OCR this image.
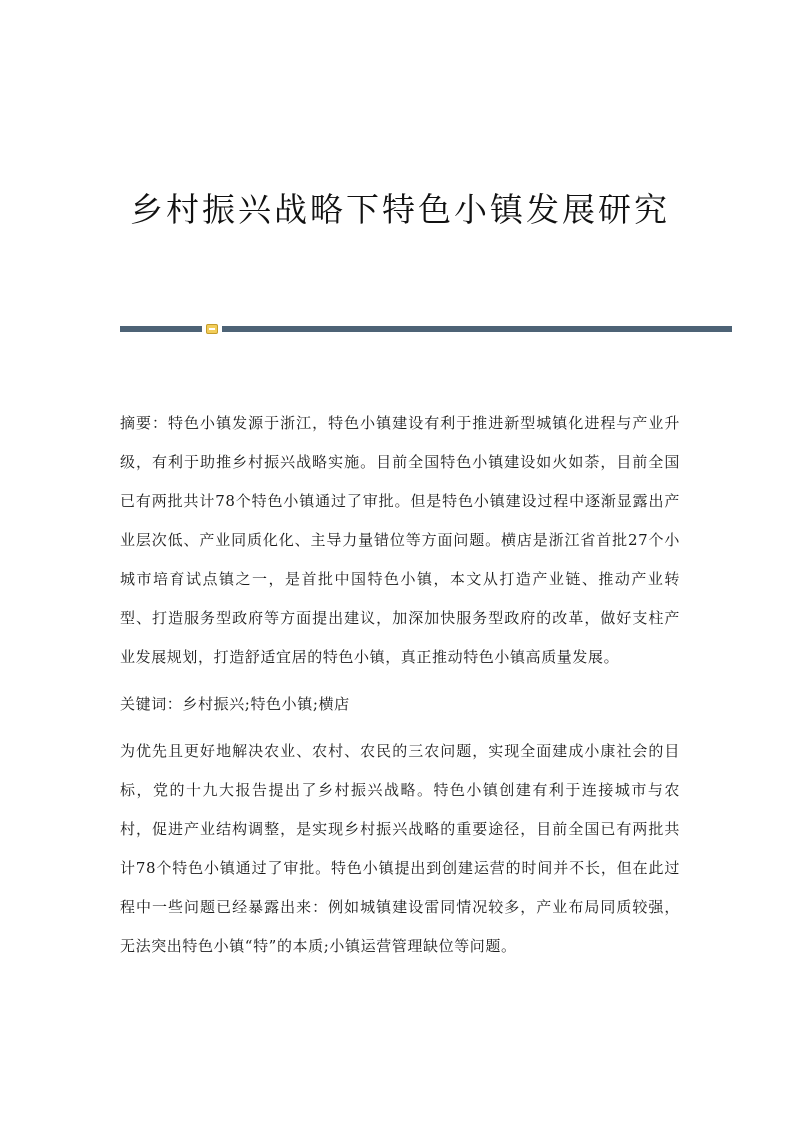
乡村振兴战略下特色小镇发展研究

摘要：特色小镇发源于浙江，特色小镇建设有利于推进新型城镇化进程与产业升级，有利于助推乡村振兴战略实施。目前全国特色小镇建设如火如荼，目前全国已有两批共计78个特色小镇通过了审批。但是特色小镇建设过程中逐渐显露出产业层次低、产业同质化化、主导力量错位等方面问题。横店是浙江省首批27个小城市培育试点镇之一，是首批中国特色小镇，本文从打造产业链、推动产业转型、打造服务型政府等方面提出建议，加深加快服务型政府的改革，做好支柱产业发展规划，打造舒适宜居的特色小镇，真正推动特色小镇高质量发展。

关键词：乡村振兴;特色小镇;横店

为优先且更好地解决农业、农村、农民的三农问题，实现全面建成小康社会的目标，党的十九大报告提出了乡村振兴战略。特色小镇创建有利于连接城市与农村，促进产业结构调整，是实现乡村振兴战略的重要途径，目前全国已有两批共计78个特色小镇通过了审批。特色小镇提出到创建运营的时间并不长，但在此过程中一些问题已经暴露出来：例如城镇建设雷同情况较多，产业布局同质较强，无法突出特色小镇“特”的本质;小镇运营管理缺位等问题。
